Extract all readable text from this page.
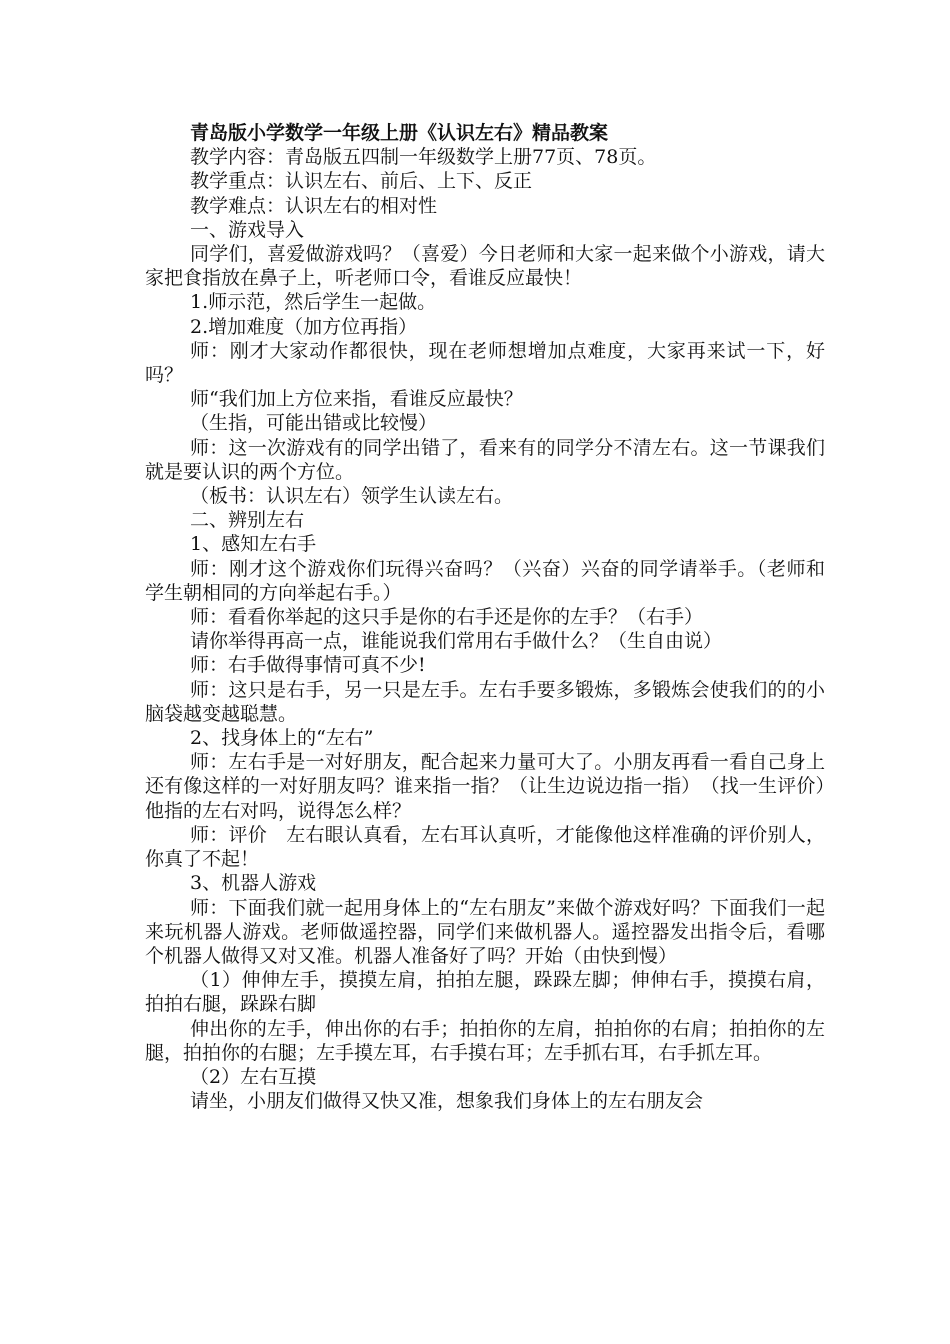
青岛版小学数学一年级上册《认识左右》精品教案

教学内容：青岛版五四制一年级数学上册77页、78页。

教学重点：认识左右、前后、上下、反正

教学难点：认识左右的相对性

一、游戏导入

同学们，喜爱做游戏吗？（喜爱）今日老师和大家一起来做个小游戏，请大家把食指放在鼻子上，听老师口令，看谁反应最快！

1.师示范，然后学生一起做。

2.增加难度（加方位再指）

师：刚才大家动作都很快，现在老师想增加点难度，大家再来试一下，好吗？

师“我们加上方位来指，看谁反应最快？

（生指，可能出错或比较慢）

师：这一次游戏有的同学出错了，看来有的同学分不清左右。这一节课我们就是要认识的两个方位。

（板书：认识左右）领学生认读左右。

二、辨别左右

1、感知左右手

师：刚才这个游戏你们玩得兴奋吗？（兴奋）兴奋的同学请举手。（老师和学生朝相同的方向举起右手。）

师：看看你举起的这只手是你的右手还是你的左手？（右手）

请你举得再高一点，谁能说我们常用右手做什么？（生自由说）

师：右手做得事情可真不少!

师：这只是右手，另一只是左手。左右手要多锻炼，多锻炼会使我们的的小脑袋越变越聪慧。

2、找身体上的“左右”

师：左右手是一对好朋友，配合起来力量可大了。小朋友再看一看自己身上还有像这样的一对好朋友吗？谁来指一指？（让生边说边指一指）　（找一生评价）他指的左右对吗，说得怎么样？

师：评价　左右眼认真看，左右耳认真听，才能像他这样准确的评价别人，你真了不起！

3、机器人游戏

师：下面我们就一起用身体上的“左右朋友”来做个游戏好吗？下面我们一起来玩机器人游戏。老师做遥控器，同学们来做机器人。遥控器发出指令后，看哪个机器人做得又对又准。机器人准备好了吗？开始（由快到慢）

（1）伸伸左手，摸摸左肩，拍拍左腿，跺跺左脚；伸伸右手，摸摸右肩，拍拍右腿，跺跺右脚

伸出你的左手，伸出你的右手；拍拍你的左肩，拍拍你的右肩；拍拍你的左腿，拍拍你的右腿；左手摸左耳，右手摸右耳；左手抓右耳，右手抓左耳。

（2）左右互摸

请坐，小朋友们做得又快又准，想象我们身体上的左右朋友会
